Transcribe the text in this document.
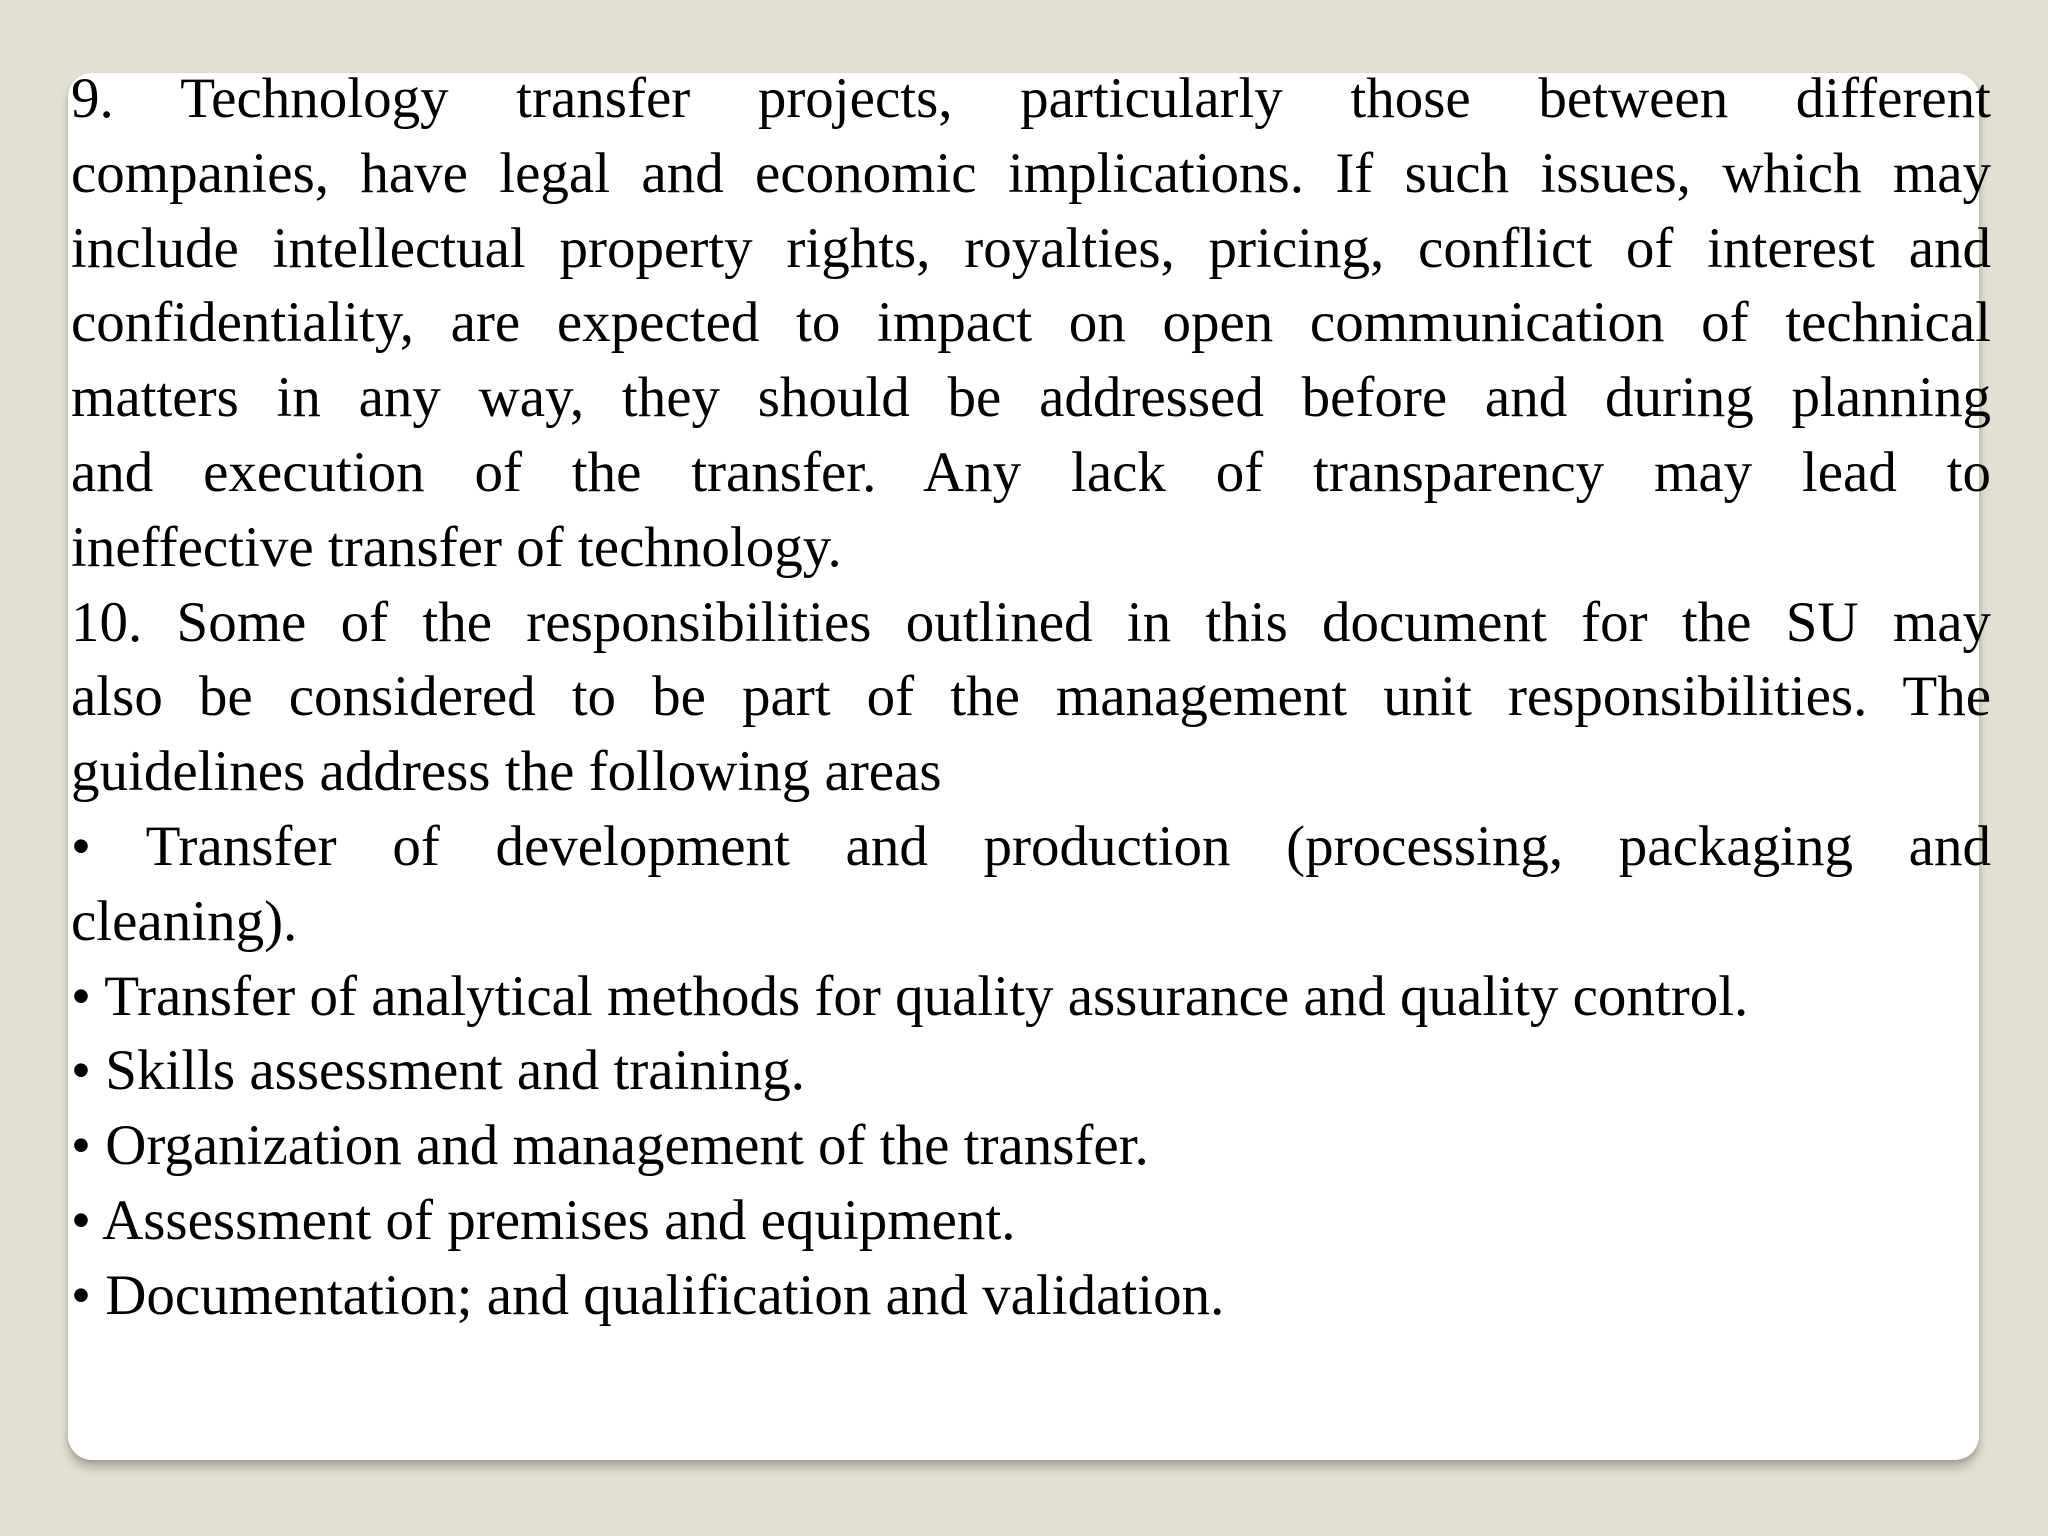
9. Technology transfer projects, particularly those between different
companies, have legal and economic implications. If such issues, which may
include intellectual property rights, royalties, pricing, conflict of interest and
confidentiality, are expected to impact on open communication of technical
matters in any way, they should be addressed before and during planning
and execution of the transfer. Any lack of transparency may lead to
ineffective transfer of technology.
10. Some of the responsibilities outlined in this document for the SU may
also be considered to be part of the management unit responsibilities. The
guidelines address the following areas
• Transfer of development and production (processing, packaging and
cleaning).
• Transfer of analytical methods for quality assurance and quality control.
• Skills assessment and training.
• Organization and management of the transfer.
• Assessment of premises and equipment.
• Documentation; and qualification and validation.
